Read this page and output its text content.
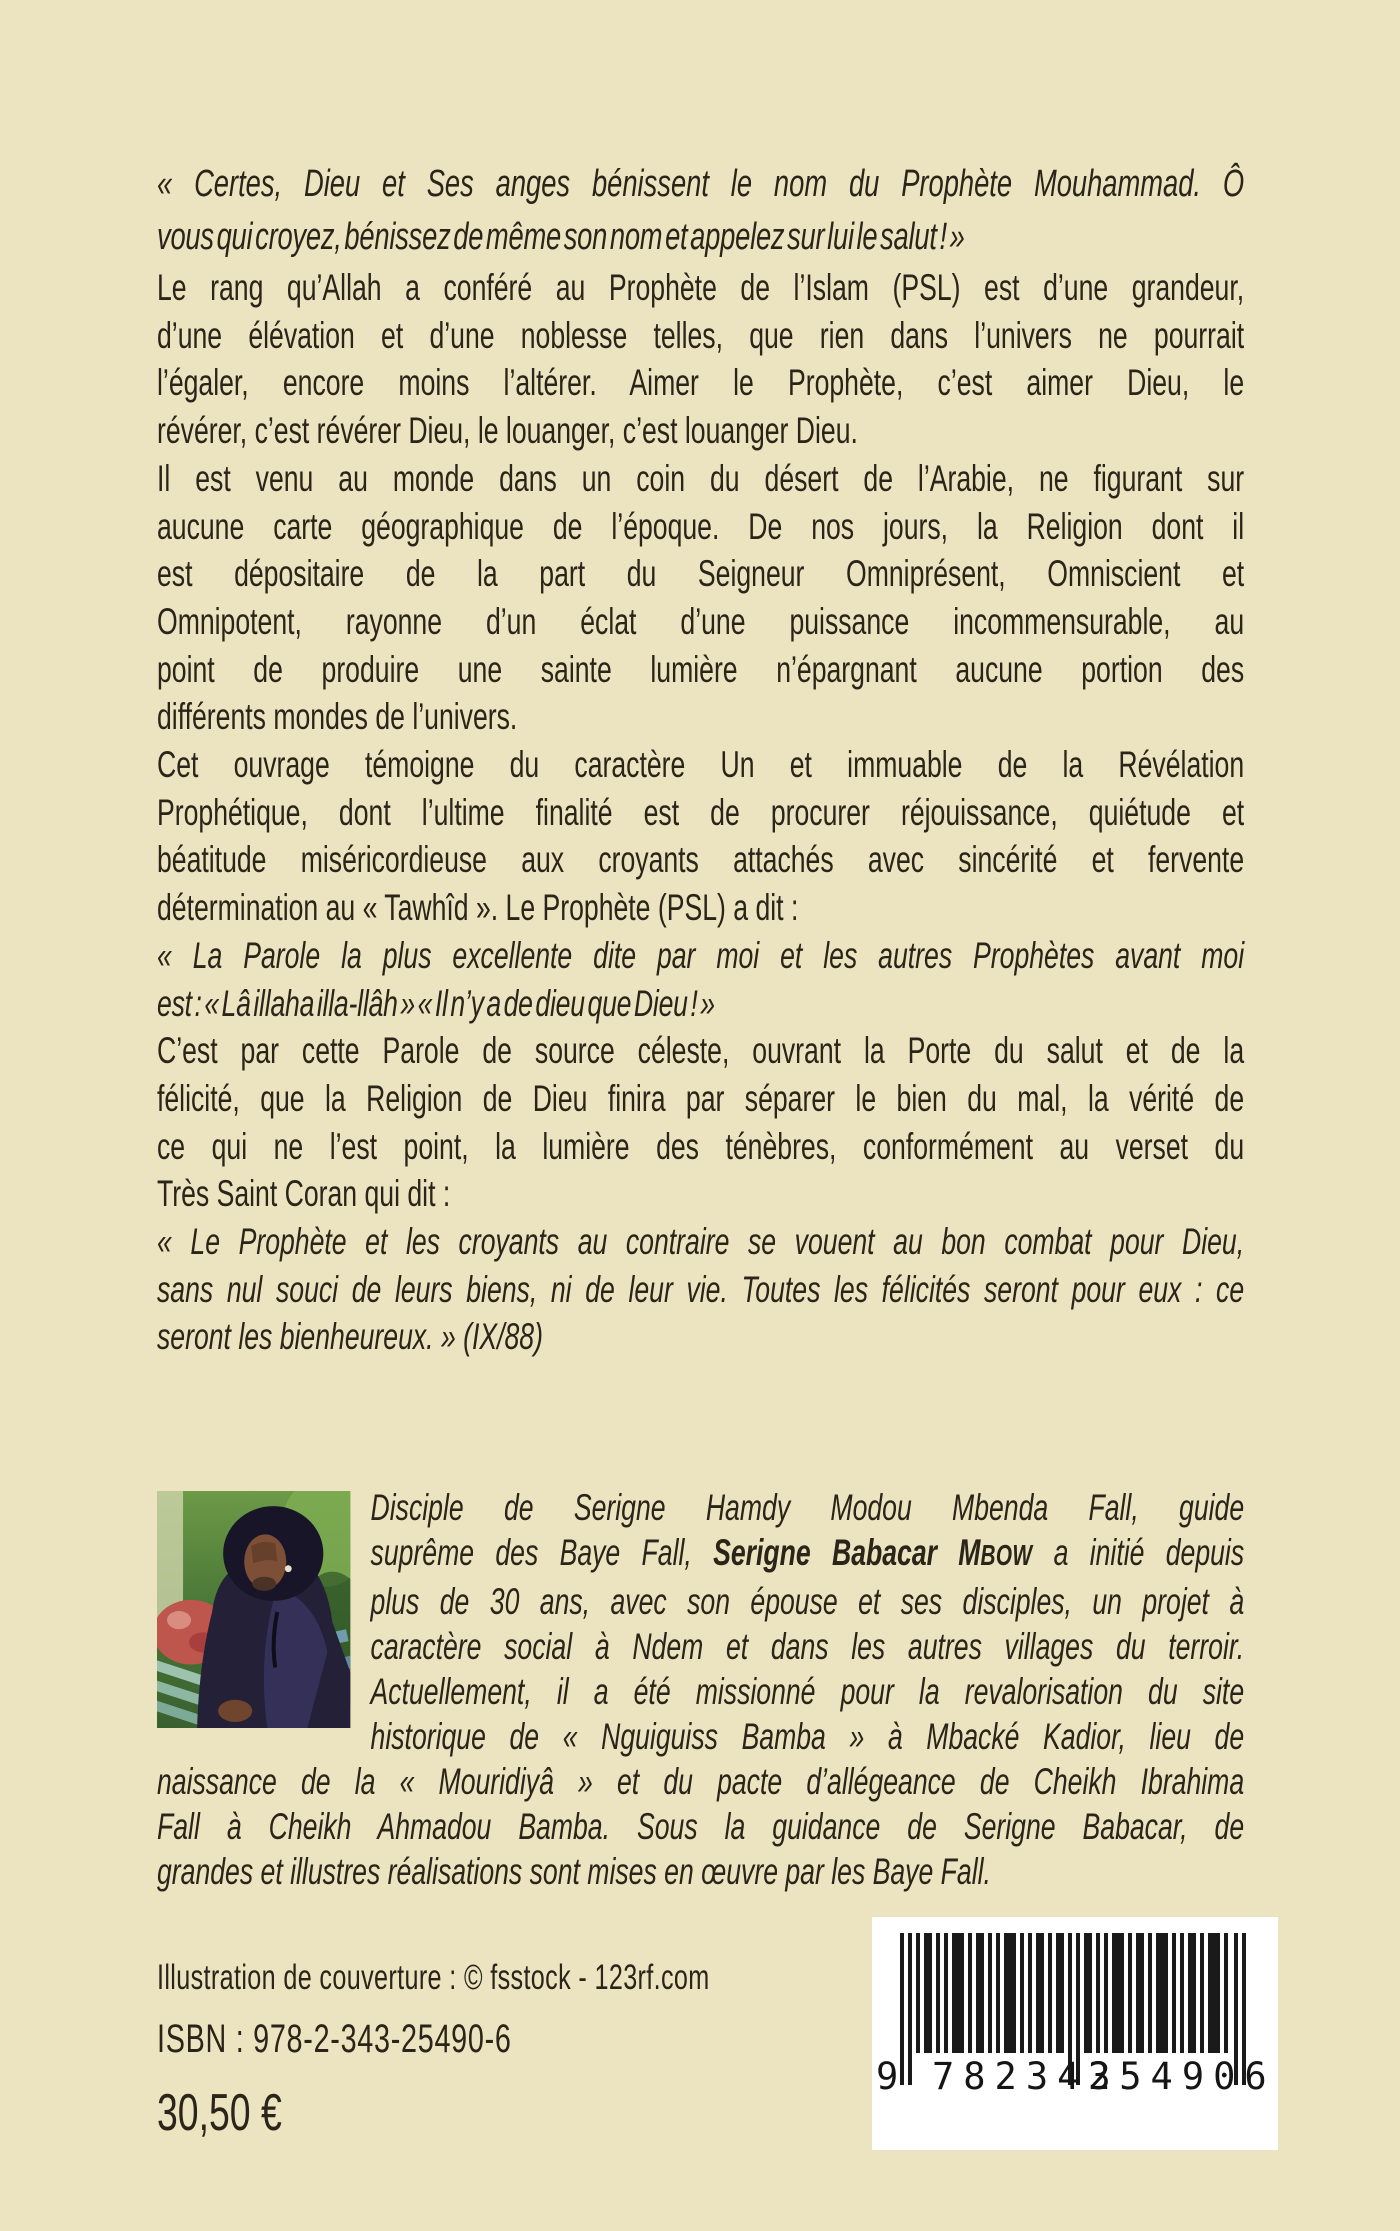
« Certes, Dieu et Ses anges bénissent le nom du Prophète Mouhammad. Ô
vous qui croyez, bénissez de même son nom et appelez sur lui le salut ! »
Le rang qu’Allah a conféré au Prophète de l’Islam (PSL) est d’une grandeur,
d’une élévation et d’une noblesse telles, que rien dans l’univers ne pourrait
l’égaler, encore moins l’altérer. Aimer le Prophète, c’est aimer Dieu, le
révérer, c’est révérer Dieu, le louanger, c’est louanger Dieu.
Il est venu au monde dans un coin du désert de l’Arabie, ne figurant sur
aucune carte géographique de l’époque. De nos jours, la Religion dont il
est dépositaire de la part du Seigneur Omniprésent, Omniscient et
Omnipotent, rayonne d’un éclat d’une puissance incommensurable, au
point de produire une sainte lumière n’épargnant aucune portion des
différents mondes de l’univers.
Cet ouvrage témoigne du caractère Un et immuable de la Révélation
Prophétique, dont l’ultime finalité est de procurer réjouissance, quiétude et
béatitude miséricordieuse aux croyants attachés avec sincérité et fervente
détermination au « Tawhîd ». Le Prophète (PSL) a dit :
« La Parole la plus excellente dite par moi et les autres Prophètes avant moi
est : « Lâ illaha illa-llâh » « Il n’y a de dieu que Dieu ! »
C’est par cette Parole de source céleste, ouvrant la Porte du salut et de la
félicité, que la Religion de Dieu finira par séparer le bien du mal, la vérité de
ce qui ne l’est point, la lumière des ténèbres, conformément au verset du
Très Saint Coran qui dit :
« Le Prophète et les croyants au contraire se vouent au bon combat pour Dieu,
sans nul souci de leurs biens, ni de leur vie. Toutes les félicités seront pour eux : ce
seront les bienheureux. » (IX/88)
Disciple de Serigne Hamdy Modou Mbenda Fall, guide
suprême des Baye Fall, Serigne Babacar MBOW a initié depuis
plus de 30 ans, avec son épouse et ses disciples, un projet à
caractère social à Ndem et dans les autres villages du terroir.
Actuellement, il a été missionné pour la revalorisation du site
historique de « Nguiguiss Bamba » à Mbacké Kadior, lieu de
naissance de la « Mouridiyâ » et du pacte d’allégeance de Cheikh Ibrahima
Fall à Cheikh Ahmadou Bamba. Sous la guidance de Serigne Babacar, de
grandes et illustres réalisations sont mises en œuvre par les Baye Fall.
Illustration de couverture : © fsstock - 123rf.com
ISBN : 978-2-343-25490-6
30,50 €
9 782343
254906
